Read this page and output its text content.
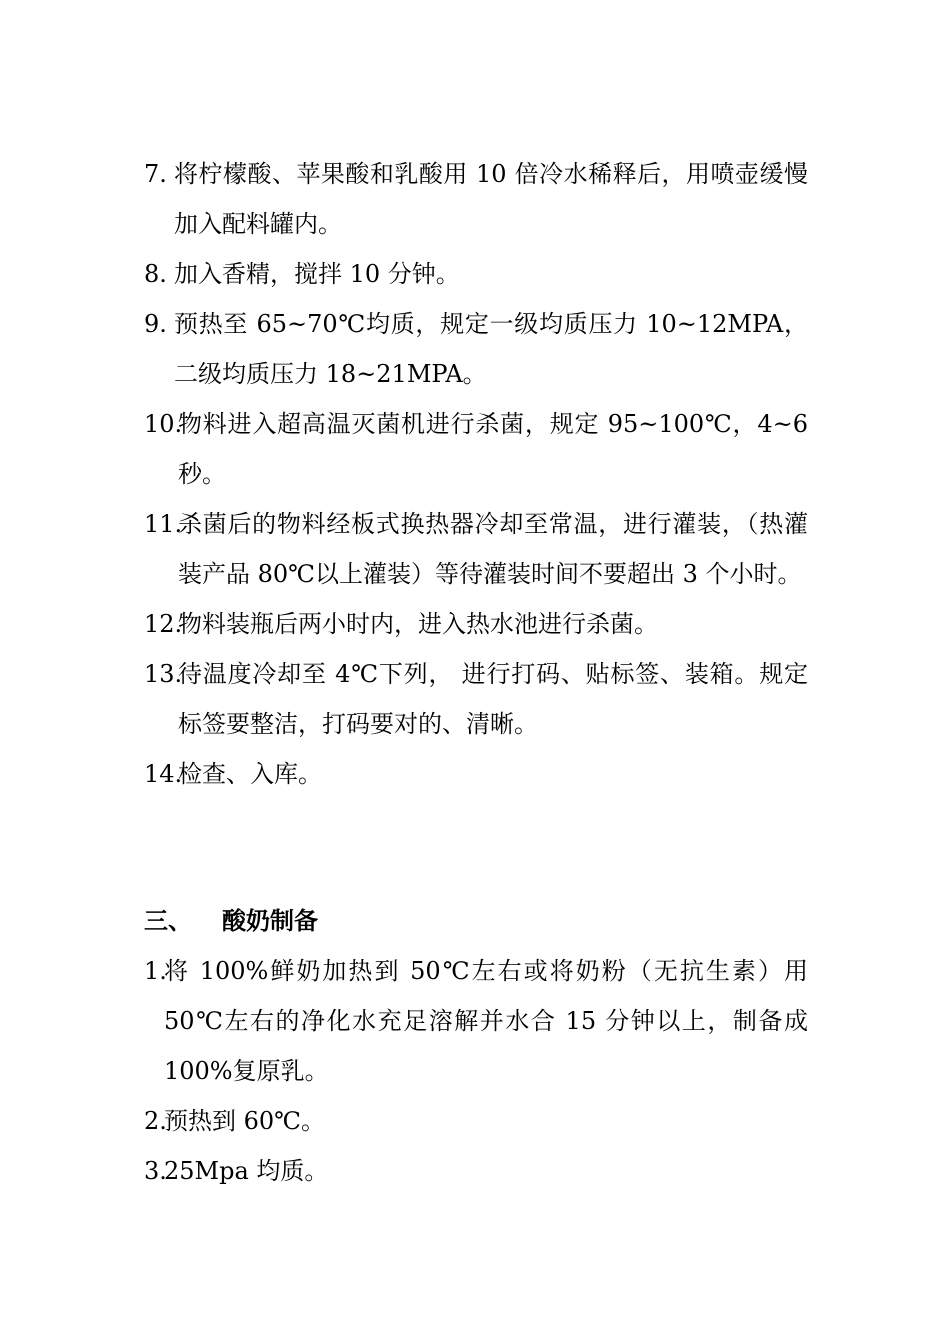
7. 将柠檬酸、苹果酸和乳酸用 10 倍冷水稀释后，用喷壶缓慢加入配料罐内。
8. 加入香精，搅拌 10 分钟。
9. 预热至 65~70℃均质，规定一级均质压力 10~12MPA，二级均质压力 18~21MPA。
10.
物料进入超高温灭菌机进行杀菌，规定 95~100℃，4~6 秒。
11.
杀菌后的物料经板式换热器冷却至常温，进行灌装，（热灌装产品 80℃以上灌装）等待灌装时间不要超出 3 个小时。
12.
物料装瓶后两小时内，进入热水池进行杀菌。
13.
待温度冷却至 4℃下列， 进行打码、贴标签、装箱。规定标签要整洁，打码要对的、清晰。
14.
检查、入库。
三、 酸奶制备
1.
将 100%鲜奶加热到 50℃左右或将奶粉（无抗生素）用 50℃左右的净化水充足溶解并水合 15 分钟以上，制备成 100%复原乳。
2.
预热到 60℃。
3.
25Mpa 均质。
